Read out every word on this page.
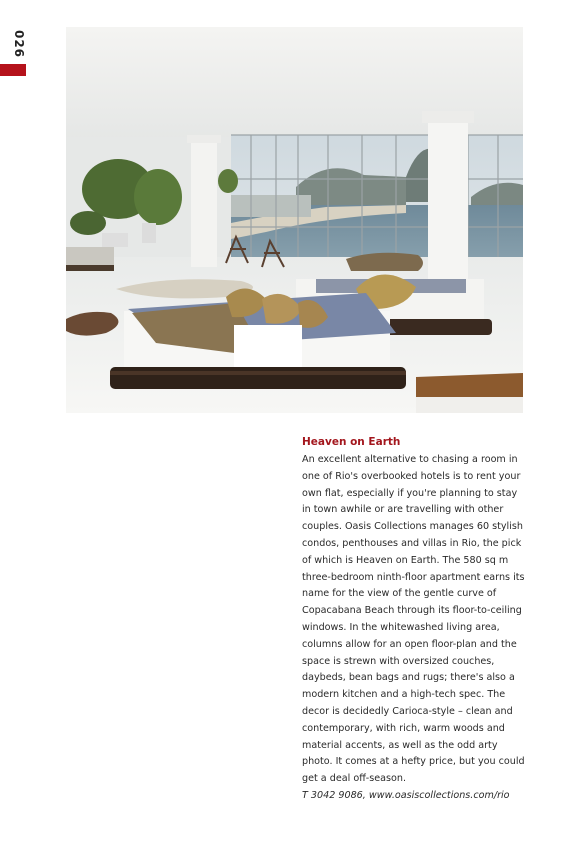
026
Heaven on Earth

An excellent alternative to chasing a room in one of Rio's overbooked hotels is to rent your own flat, especially if you're planning to stay in town awhile or are travelling with other couples. Oasis Collections manages 60 stylish condos, penthouses and villas in Rio, the pick of which is Heaven on Earth. The 580 sq m three-bedroom ninth-floor apartment earns its name for the view of the gentle curve of Copacabana Beach through its floor-to-ceiling windows. In the whitewashed living area, columns allow for an open floor-plan and the space is strewn with oversized couches, daybeds, bean bags and rugs; there's also a modern kitchen and a high-tech spec. The decor is decidedly Carioca-style – clean and contemporary, with rich, warm woods and material accents, as well as the odd arty photo. It comes at a hefty price, but you could get a deal off-season.

T 3042 9086, www.oasiscollections.com/rio
